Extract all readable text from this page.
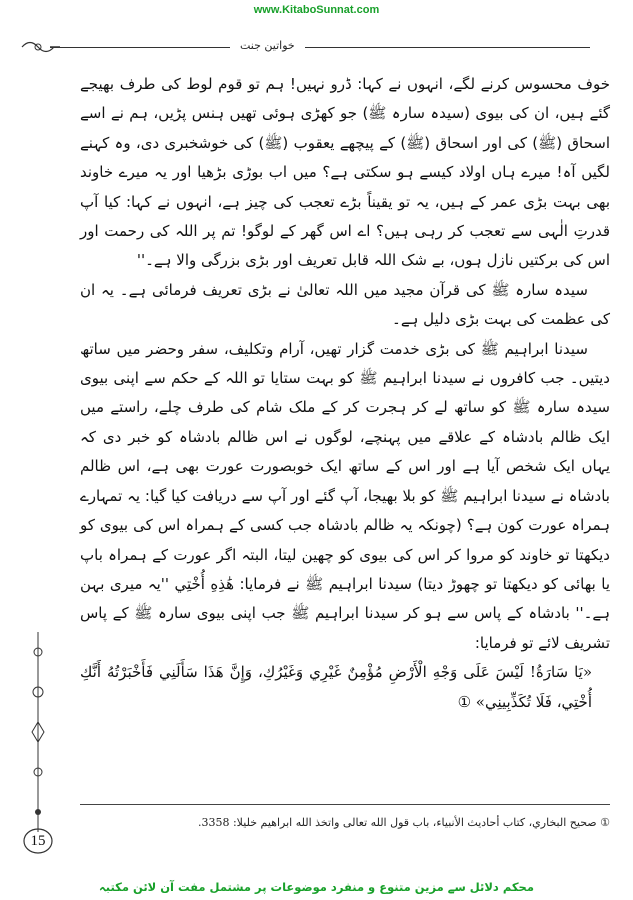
www.KitaboSunnat.com
خواتین جنت

خوف محسوس کرنے لگے، انہوں نے کہا: ڈرو نہیں! ہم تو قوم لوط کی طرف بھیجے گئے ہیں، ان کی بیوی (سیدہ سارہ ﷺ) جو کھڑی ہوئی تھیں ہنس پڑیں، ہم نے اسے اسحاق (ﷺ) کی اور اسحاق (ﷺ) کے پیچھے یعقوب (ﷺ) کی خوشخبری دی، وہ کہنے لگیں آہ! میرے ہاں اولاد کیسے ہو سکتی ہے؟ میں اب بوڑی بڑھیا اور یہ میرے خاوند بھی بہت بڑی عمر کے ہیں، یہ تو یقیناً بڑے تعجب کی چیز ہے، انہوں نے کہا: کیا آپ قدرتِ الٰہی سے تعجب کر رہی ہیں؟ اے اس گھر کے لوگو! تم پر اللہ کی رحمت اور اس کی برکتیں نازل ہوں، بے شک اللہ قابل تعریف اور بڑی بزرگی والا ہے۔''

سیدہ سارہ ﷺ کی قرآن مجید میں اللہ تعالیٰ نے بڑی تعریف فرمائی ہے۔ یہ ان کی عظمت کی بہت بڑی دلیل ہے۔

سیدنا ابراہیم ﷺ کی بڑی خدمت گزار تھیں، آرام وتکلیف، سفر وحضر میں ساتھ دیتیں۔ جب کافروں نے سیدنا ابراہیم ﷺ کو بہت ستایا تو اللہ کے حکم سے اپنی بیوی سیدہ سارہ ﷺ کو ساتھ لے کر ہجرت کر کے ملک شام کی طرف چلے، راستے میں ایک ظالم بادشاہ کے علاقے میں پہنچے، لوگوں نے اس ظالم بادشاہ کو خبر دی کہ یہاں ایک شخص آیا ہے اور اس کے ساتھ ایک خوبصورت عورت بھی ہے، اس ظالم بادشاہ نے سیدنا ابراہیم ﷺ کو بلا بھیجا، آپ گئے اور آپ سے دریافت کیا گیا: یہ تمہارے ہمراہ عورت کون ہے؟ (چونکہ یہ ظالم بادشاہ جب کسی کے ہمراہ اس کی بیوی کو دیکھتا تو خاوند کو مروا کر اس کی بیوی کو چھین لیتا، البتہ اگر عورت کے ہمراہ باپ یا بھائی کو دیکھتا تو چھوڑ دیتا) سیدنا ابراہیم ﷺ نے فرمایا: هَٰذِهِ أُخْتِي ''یہ میری بہن ہے۔'' بادشاہ کے پاس سے ہو کر سیدنا ابراہیم ﷺ جب اپنی بیوی سارہ ﷺ کے پاس تشریف لائے تو فرمایا:

«يَا سَارَةُ! لَيْسَ عَلَى وَجْهِ الْأَرْضِ مُؤْمِنٌ غَيْرِي وَغَيْرُكِ، وَإِنَّ هَذَا سَأَلَنِي فَأَخْبَرْتُهُ أَنَّكِ أُخْتِي، فَلَا تُكَذِّبِينِي» ①

① صحيح البخاري، كتاب أحاديث الأنبياء، باب قول الله تعالى واتخذ الله ابراهيم خليلا: 3358.
15
محکم دلائل سے مزین متنوع و منفرد موضوعات پر مشتمل مفت آن لائن مکتبہ
